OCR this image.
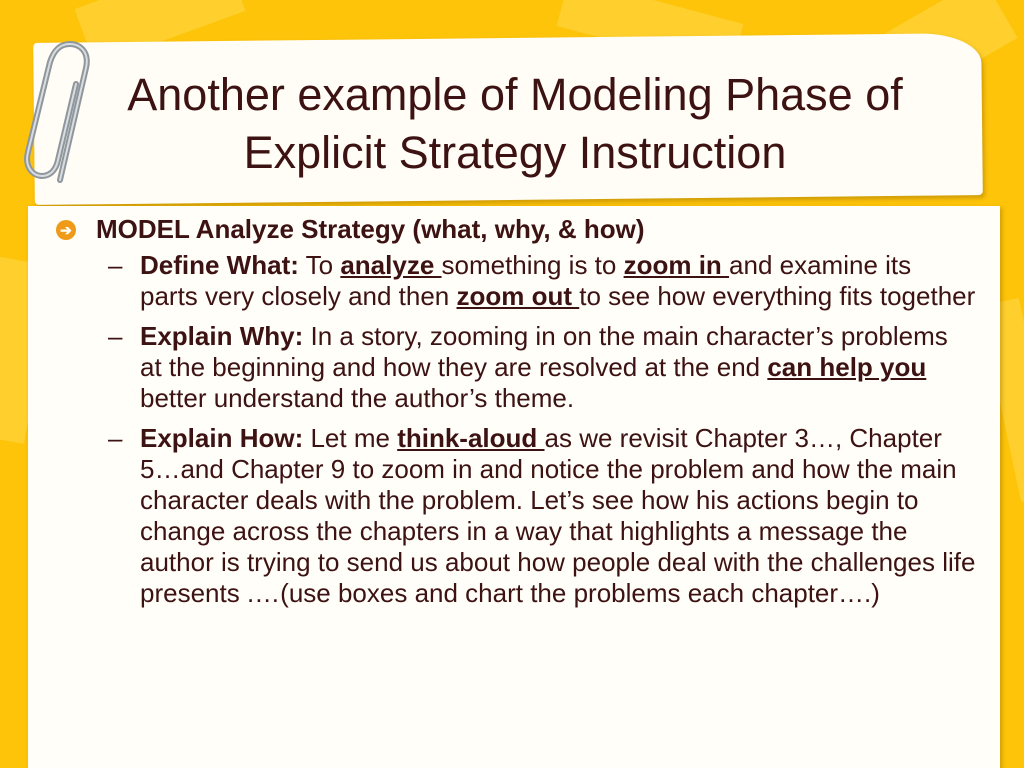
Another example of Modeling Phase of Explicit Strategy Instruction
➔ MODEL Analyze Strategy (what, why, & how)
– Define What: To analyze something is to zoom in and examine its parts very closely and then zoom out to see how everything fits together
– Explain Why: In a story, zooming in on the main character’s problems at the beginning and how they are resolved at the end can help you better understand the author’s theme.
– Explain How: Let me think-aloud as we revisit Chapter 3…, Chapter 5…and Chapter 9 to zoom in and notice the problem and how the main character deals with the problem. Let’s see how his actions begin to change across the chapters in a way that highlights a message the author is trying to send us about how people deal with the challenges life presents .…(use boxes and chart the problems each chapter….)
